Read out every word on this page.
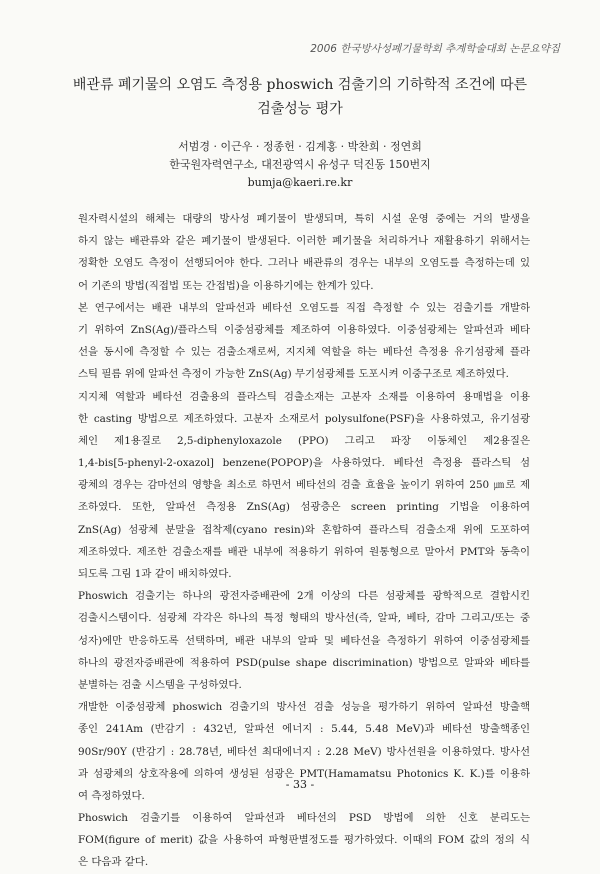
2006 한국방사성폐기물학회 추계학술대회 논문요약집
배관류 폐기물의 오염도 측정용 phoswich 검출기의 기하학적 조건에 따른
검출성능 평가
서범경 · 이근우 · 정종헌 · 김계홍 · 박찬희 · 정연희
한국원자력연구소, 대전광역시 유성구 덕진동 150번지
bumja@kaeri.re.kr
원자력시설의 해체는 대량의 방사성 폐기물이 발생되며, 특히 시설 운영 중에는 거의 발생을
하지 않는 배관류와 같은 폐기물이 발생된다. 이러한 폐기물을 처리하거나 재활용하기 위해서는
정확한 오염도 측정이 선행되어야 한다. 그러나 배관류의 경우는 내부의 오염도를 측정하는데 있
어 기존의 방법(직접법 또는 간접법)을 이용하기에는 한계가 있다.
본 연구에서는 배관 내부의 알파선과 베타선 오염도를 직접 측정할 수 있는 검출기를 개발하
기 위하여 ZnS(Ag)/플라스틱 이중섬광체를 제조하여 이용하였다. 이중섬광체는 알파선과 베타
선을 동시에 측정할 수 있는 검출소재로써, 지지체 역할을 하는 베타선 측정용 유기섬광체 플라
스틱 필름 위에 알파선 측정이 가능한 ZnS(Ag) 무기섬광체를 도포시켜 이중구조로 제조하였다.
지지체 역할과 베타선 검출용의 플라스틱 검출소재는 고분자 소재를 이용하여 용매법을 이용
한 casting 방법으로 제조하였다. 고분자 소재로서 polysulfone(PSF)을 사용하였고, 유기섬광
체인 제1용질로 2,5-diphenyloxazole (PPO) 그리고 파장 이동체인 제2용질은
1,4-bis[5-phenyl-2-oxazol] benzene(POPOP)을 사용하였다. 베타선 측정용 플라스틱 섬
광체의 경우는 감마선의 영향을 최소로 하면서 베타선의 검출 효율을 높이기 위하여 250 ㎛로 제
조하였다. 또한, 알파선 측정용 ZnS(Ag) 섬광층은 screen printing 기법을 이용하여
ZnS(Ag) 섬광체 분말을 접착제(cyano resin)와 혼합하여 플라스틱 검출소재 위에 도포하여
제조하였다. 제조한 검출소재를 배관 내부에 적용하기 위하여 원통형으로 말아서 PMT와 동축이
되도록 그림 1과 같이 배치하였다.
Phoswich 검출기는 하나의 광전자증배관에 2개 이상의 다른 섬광체를 광학적으로 결합시킨
검출시스템이다. 섬광체 각각은 하나의 특정 형태의 방사선(즉, 알파, 베타, 감마 그리고/또는 중
성자)에만 반응하도록 선택하며, 배관 내부의 알파 및 베타선을 측정하기 위하여 이중섬광체를
하나의 광전자증배관에 적용하여 PSD(pulse shape discrimination) 방법으로 알파와 베타를
분별하는 검출 시스템을 구성하였다.
개발한 이중섬광체 phoswich 검출기의 방사선 검출 성능을 평가하기 위하여 알파선 방출핵
종인 241Am (반감기 : 432년, 알파선 에너지 : 5.44, 5.48 MeV)과 베타선 방출핵종인
90Sr/90Y (반감기 : 28.78년, 베타선 최대에너지 : 2.28 MeV) 방사선원을 이용하였다. 방사선
과 섬광체의 상호작용에 의하여 생성된 섬광은 PMT(Hamamatsu Photonics K. K.)를 이용하
여 측정하였다.
Phoswich 검출기를 이용하여 알파선과 베타선의 PSD 방법에 의한 신호 분리도는
FOM(figure of merit) 값을 사용하여 파형판별정도를 평가하였다. 이때의 FOM 값의 정의 식
은 다음과 같다.
- 33 -
